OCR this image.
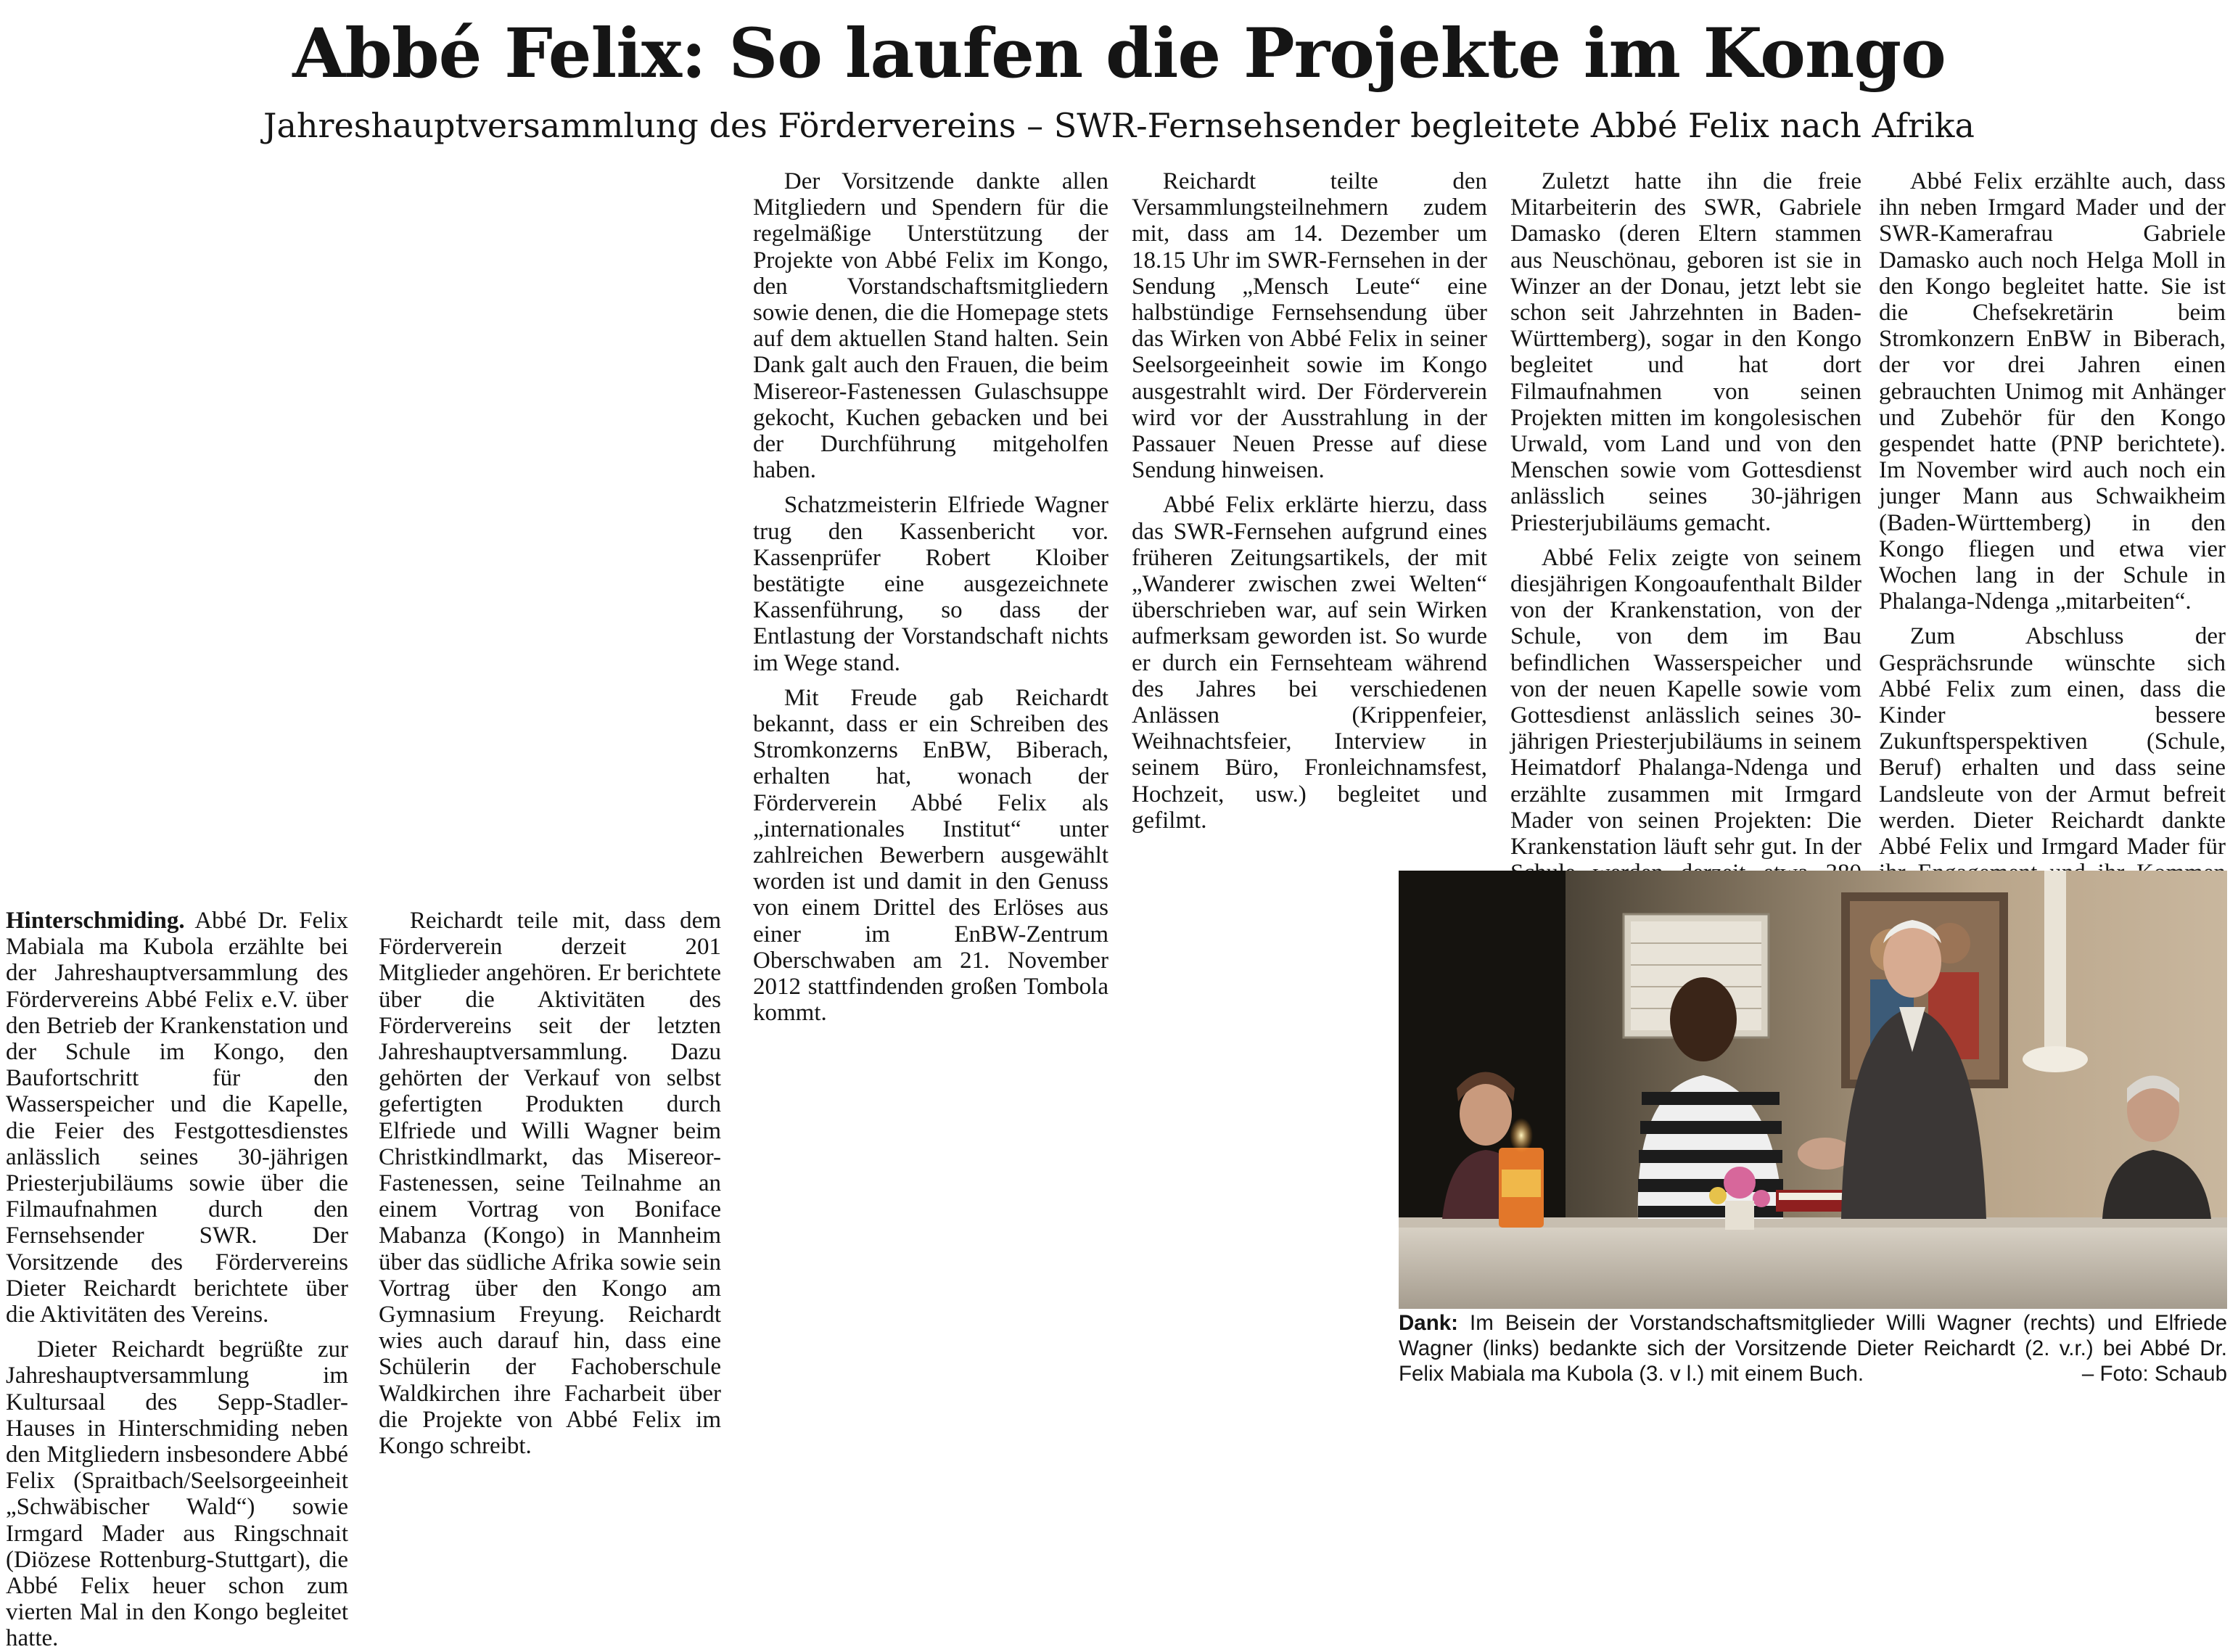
Abbé Felix: So laufen die Projekte im Kongo
Jahreshauptversammlung des Fördervereins – SWR-Fernsehsender begleitete Abbé Felix nach Afrika

Hinterschmiding. Abbé Dr. Felix Mabiala ma Kubola erzählte bei der Jahreshauptversammlung des Fördervereins Abbé Felix e.V. über den Betrieb der Krankenstation und der Schule im Kongo, den Baufortschritt für den Wasserspeicher und die Kapelle, die Feier des Festgottesdienstes anlässlich seines 30-jährigen Priesterjubiläums sowie über die Filmaufnahmen durch den Fernsehsender SWR. Der Vorsitzende des Fördervereins Dieter Reichardt berichtete über die Aktivitäten des Vereins.

Dieter Reichardt begrüßte zur Jahreshauptversammlung im Kultursaal des Sepp-Stadler-Hauses in Hinterschmiding neben den Mitgliedern insbesondere Abbé Felix (Spraitbach/Seelsorgeeinheit „Schwäbischer Wald“) sowie Irmgard Mader aus Ringschnait (Diözese Rottenburg-Stuttgart), die Abbé Felix heuer schon zum vierten Mal in den Kongo begleitet hatte.

Reichardt teile mit, dass dem Förderverein derzeit 201 Mitglieder angehören. Er berichtete über die Aktivitäten des Fördervereins seit der letzten Jahreshauptversammlung. Dazu gehörten der Verkauf von selbst gefertigten Produkten durch Elfriede und Willi Wagner beim Christkindlmarkt, das Misereor-Fastenessen, seine Teilnahme an einem Vortrag von Boniface Mabanza (Kongo) in Mannheim über das südliche Afrika sowie sein Vortrag über den Kongo am Gymnasium Freyung. Reichardt wies auch darauf hin, dass eine Schülerin der Fachoberschule Waldkirchen ihre Facharbeit über die Projekte von Abbé Felix im Kongo schreibt.

Der Vorsitzende dankte allen Mitgliedern und Spendern für die regelmäßige Unterstützung der Projekte von Abbé Felix im Kongo, den Vorstandschaftsmitgliedern sowie denen, die die Homepage stets auf dem aktuellen Stand halten. Sein Dank galt auch den Frauen, die beim Misereor-Fastenessen Gulaschsuppe gekocht, Kuchen gebacken und bei der Durchführung mitgeholfen haben.

Schatzmeisterin Elfriede Wagner trug den Kassenbericht vor. Kassenprüfer Robert Kloiber bestätigte eine ausgezeichnete Kassenführung, so dass der Entlastung der Vorstandschaft nichts im Wege stand.

Mit Freude gab Reichardt bekannt, dass er ein Schreiben des Stromkonzerns EnBW, Biberach, erhalten hat, wonach der Förderverein Abbé Felix als „internationales Institut“ unter zahlreichen Bewerbern ausgewählt worden ist und damit in den Genuss von einem Drittel des Erlöses aus einer im EnBW-Zentrum Oberschwaben am 21. November 2012 stattfindenden großen Tombola kommt.

Reichardt teilte den Versammlungsteilnehmern zudem mit, dass am 14. Dezember um 18.15 Uhr im SWR-Fernsehen in der Sendung „Mensch Leute“ eine halbstündige Fernsehsendung über das Wirken von Abbé Felix in seiner Seelsorgeeinheit sowie im Kongo ausgestrahlt wird. Der Förderverein wird vor der Ausstrahlung in der Passauer Neuen Presse auf diese Sendung hinweisen.

Abbé Felix erklärte hierzu, dass das SWR-Fernsehen aufgrund eines früheren Zeitungsartikels, der mit „Wanderer zwischen zwei Welten“ überschrieben war, auf sein Wirken aufmerksam geworden ist. So wurde er durch ein Fernsehteam während des Jahres bei verschiedenen Anlässen (Krippenfeier, Weihnachtsfeier, Interview in seinem Büro, Fronleichnamsfest, Hochzeit, usw.) begleitet und gefilmt.

Zuletzt hatte ihn die freie Mitarbeiterin des SWR, Gabriele Damasko (deren Eltern stammen aus Neuschönau, geboren ist sie in Winzer an der Donau, jetzt lebt sie schon seit Jahrzehnten in Baden-Württemberg), sogar in den Kongo begleitet und hat dort Filmaufnahmen von seinen Projekten mitten im kongolesischen Urwald, vom Land und von den Menschen sowie vom Gottesdienst anlässlich seines 30-jährigen Priesterjubiläums gemacht.

Abbé Felix zeigte von seinem diesjährigen Kongoaufenthalt Bilder von der Krankenstation, von der Schule, von dem im Bau befindlichen Wasserspeicher und von der neuen Kapelle sowie vom Gottesdienst anlässlich seines 30-jährigen Priesterjubiläums in seinem Heimatdorf Phalanga-Ndenga und erzählte zusammen mit Irmgard Mader von seinen Projekten: Die Krankenstation läuft sehr gut. In der

Abbé Felix erzählte auch, dass ihn neben Irmgard Mader und der SWR-Kamerafrau Gabriele Damasko auch noch Helga Moll in den Kongo begleitet hatte. Sie ist die Chefsekretärin beim Stromkonzern EnBW in Biberach, der vor drei Jahren einen gebrauchten Unimog mit Anhänger und Zubehör für den Kongo gespendet hatte (PNP berichtete). Im November wird auch noch ein junger Mann aus Schwaikheim (Baden-Württemberg) in den Kongo fliegen und etwa vier Wochen lang in der Schule in Phalanga-Ndenga „mitarbeiten“.

Zum Abschluss der Gesprächsrunde wünschte sich Abbé Felix zum einen, dass die Kinder bessere Zukunftsperspektiven (Schule, Beruf) erhalten und dass seine Landsleute von der Armut befreit werden. Dieter Reichardt dankte Abbé Felix und Irmgard Mader für

Dank: Im Beisein der Vorstandschaftsmitglieder Willi Wagner (rechts) und Elfriede Wagner (links) bedankte sich der Vorsitzende Dieter Reichardt (2. v.r.) bei Abbé Dr. Felix Mabiala ma Kubola (3. v l.) mit einem Buch.	– Foto: Schaub
